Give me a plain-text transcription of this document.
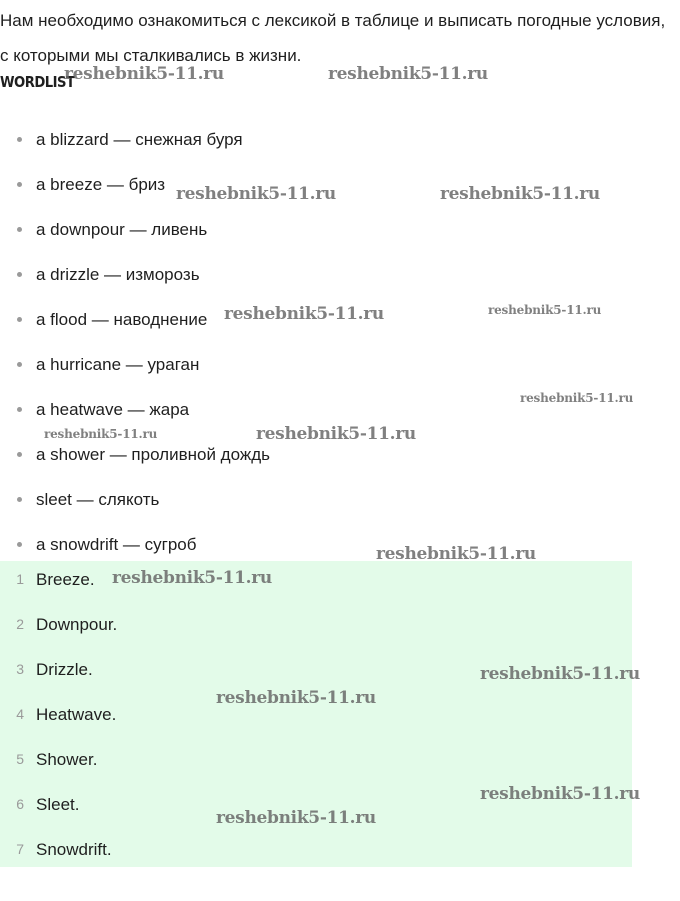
Нам необходимо ознакомиться с лексикой в таблице и выписать погодные условия, с которыми мы сталкивались в жизни.

WORDLIST
a blizzard — снежная буря
a breeze — бриз
a downpour — ливень
a drizzle — изморозь
a flood — наводнение
a hurricane — ураган
a heatwave — жара
a shower — проливной дождь
sleet — слякоть
a snowdrift — сугроб
1 Breeze.
2 Downpour.
3 Drizzle.
4 Heatwave.
5 Shower.
6 Sleet.
7 Snowdrift.
reshebnik5-11.ru	reshebnik5-11.ru
reshebnik5-11.ru	reshebnik5-11.ru
reshebnik5-11.ru	reshebnik5-11.ru
reshebnik5-11.ru
reshebnik5-11.ru	reshebnik5-11.ru
reshebnik5-11.ru
reshebnik5-11.ru
reshebnik5-11.ru
reshebnik5-11.ru
reshebnik5-11.ru
reshebnik5-11.ru
